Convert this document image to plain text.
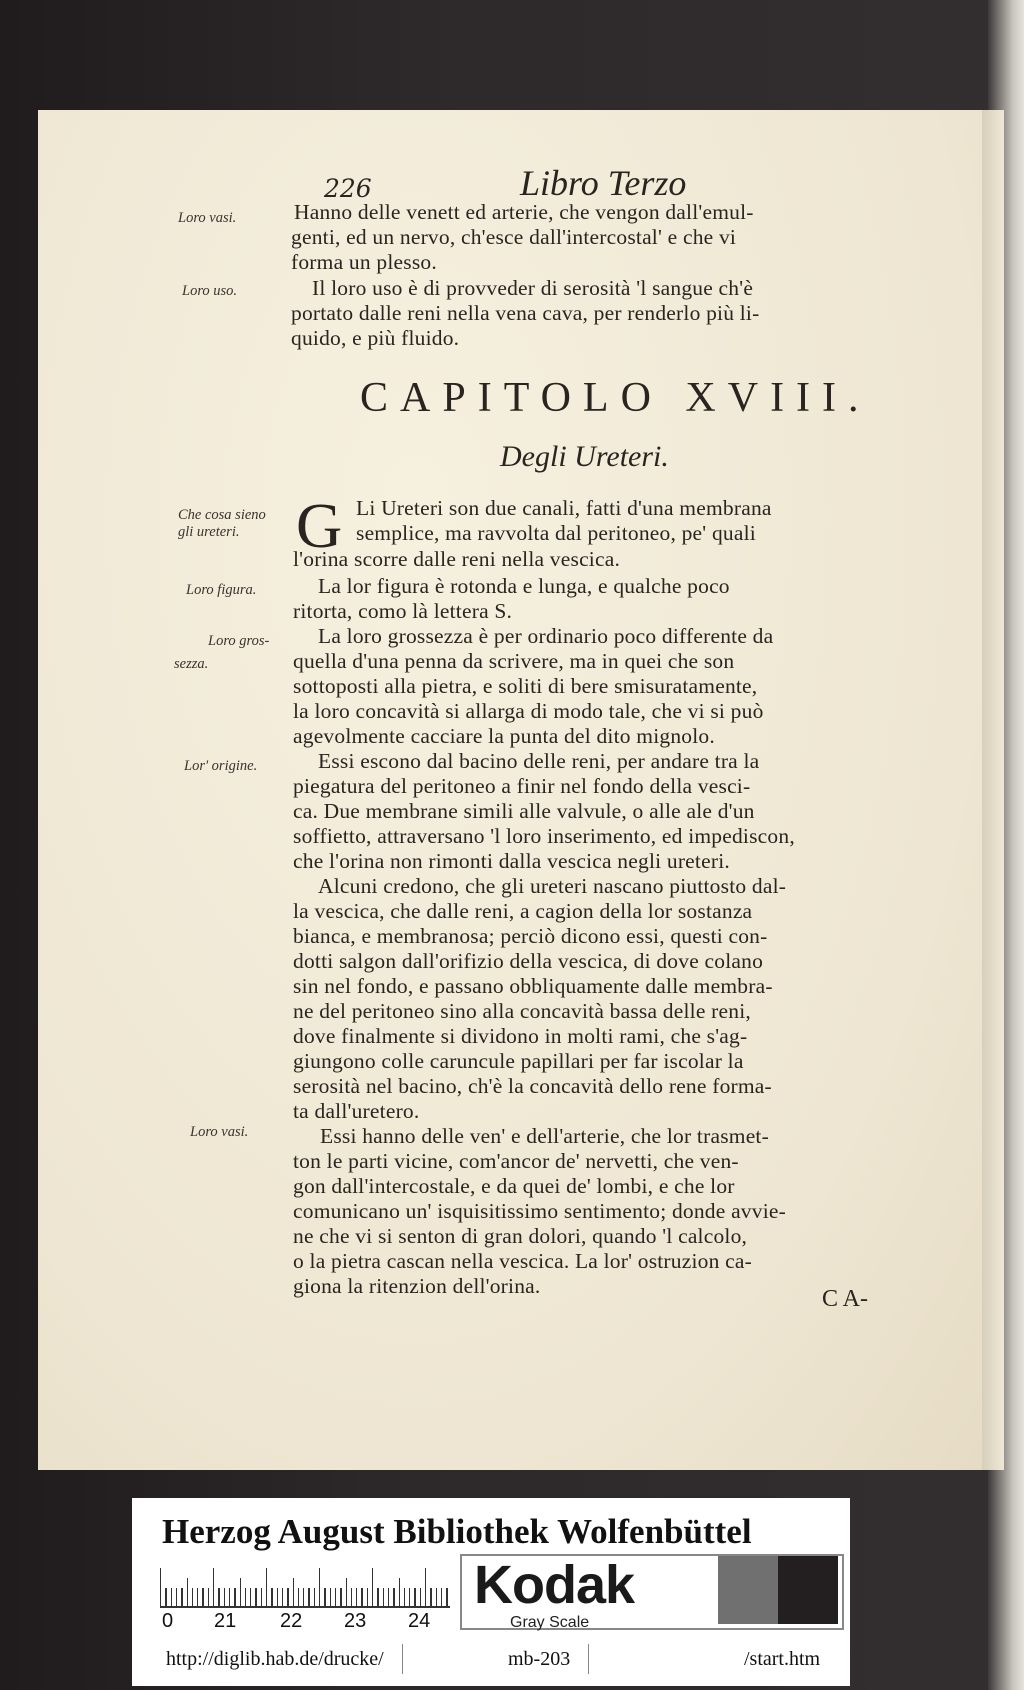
226	Libro Terzo
Hanno delle venett ed arterie, che vengon dall'emul-
genti, ed un nervo, ch'esce dall'intercostal' e che vi
forma un plesso.
Il loro uso è di provveder di serosità 'l sangue ch'è
portato dalle reni nella vena cava, per renderlo più li-
quido, e più fluido.
CAPITOLO XVIII.
Degli Ureteri.
G Li Ureteri son due canali, fatti d'una membrana
semplice, ma ravvolta dal peritoneo, pe' quali
l'orina scorre dalle reni nella vescica.
La lor figura è rotonda e lunga, e qualche poco
ritorta, como là lettera S.
La loro grossezza è per ordinario poco differente da
quella d'una penna da scrivere, ma in quei che son
sottoposti alla pietra, e soliti di bere smisuratamente,
la loro concavità si allarga di modo tale, che vi si può
agevolmente cacciare la punta del dito mignolo.
Essi escono dal bacino delle reni, per andare tra la
piegatura del peritoneo a finir nel fondo della vesci-
ca. Due membrane simili alle valvule, o alle ale d'un
soffietto, attraversano 'l loro inserimento, ed impediscon,
che l'orina non rimonti dalla vescica negli ureteri.
Alcuni credono, che gli ureteri nascano piuttosto dal-
la vescica, che dalle reni, a cagion della lor sostanza
bianca, e membranosa; perciò dicono essi, questi con-
dotti salgon dall'orifizio della vescica, di dove colano
sin nel fondo, e passano obbliquamente dalle membra-
ne del peritoneo sino alla concavità bassa delle reni,
dove finalmente si dividono in molti rami, che s'ag-
giungono colle caruncule papillari per far iscolar la
serosità nel bacino, ch'è la concavità dello rene forma-
ta dall'uretero.
Essi hanno delle ven' e dell'arterie, che lor trasmet-
ton le parti vicine, com'ancor de' nervetti, che ven-
gon dall'intercostale, e da quei de' lombi, e che lor
comunicano un' isquisitissimo sentimento; donde avvie-
ne che vi si senton di gran dolori, quando 'l calcolo,
o la pietra cascan nella vescica. La lor' ostruzion ca-
giona la ritenzion dell'orina.	C A-
Loro vasi.
Loro uso.
Che cosa sieno
gli ureteri.
Loro figura.
Loro gros-
sezza.
Lor' origine.
Loro vasi.
Herzog August Bibliothek Wolfenbüttel
0 21 22 23 24
Kodak
Gray Scale
http://diglib.hab.de/drucke/	mb-203	/start.htm
